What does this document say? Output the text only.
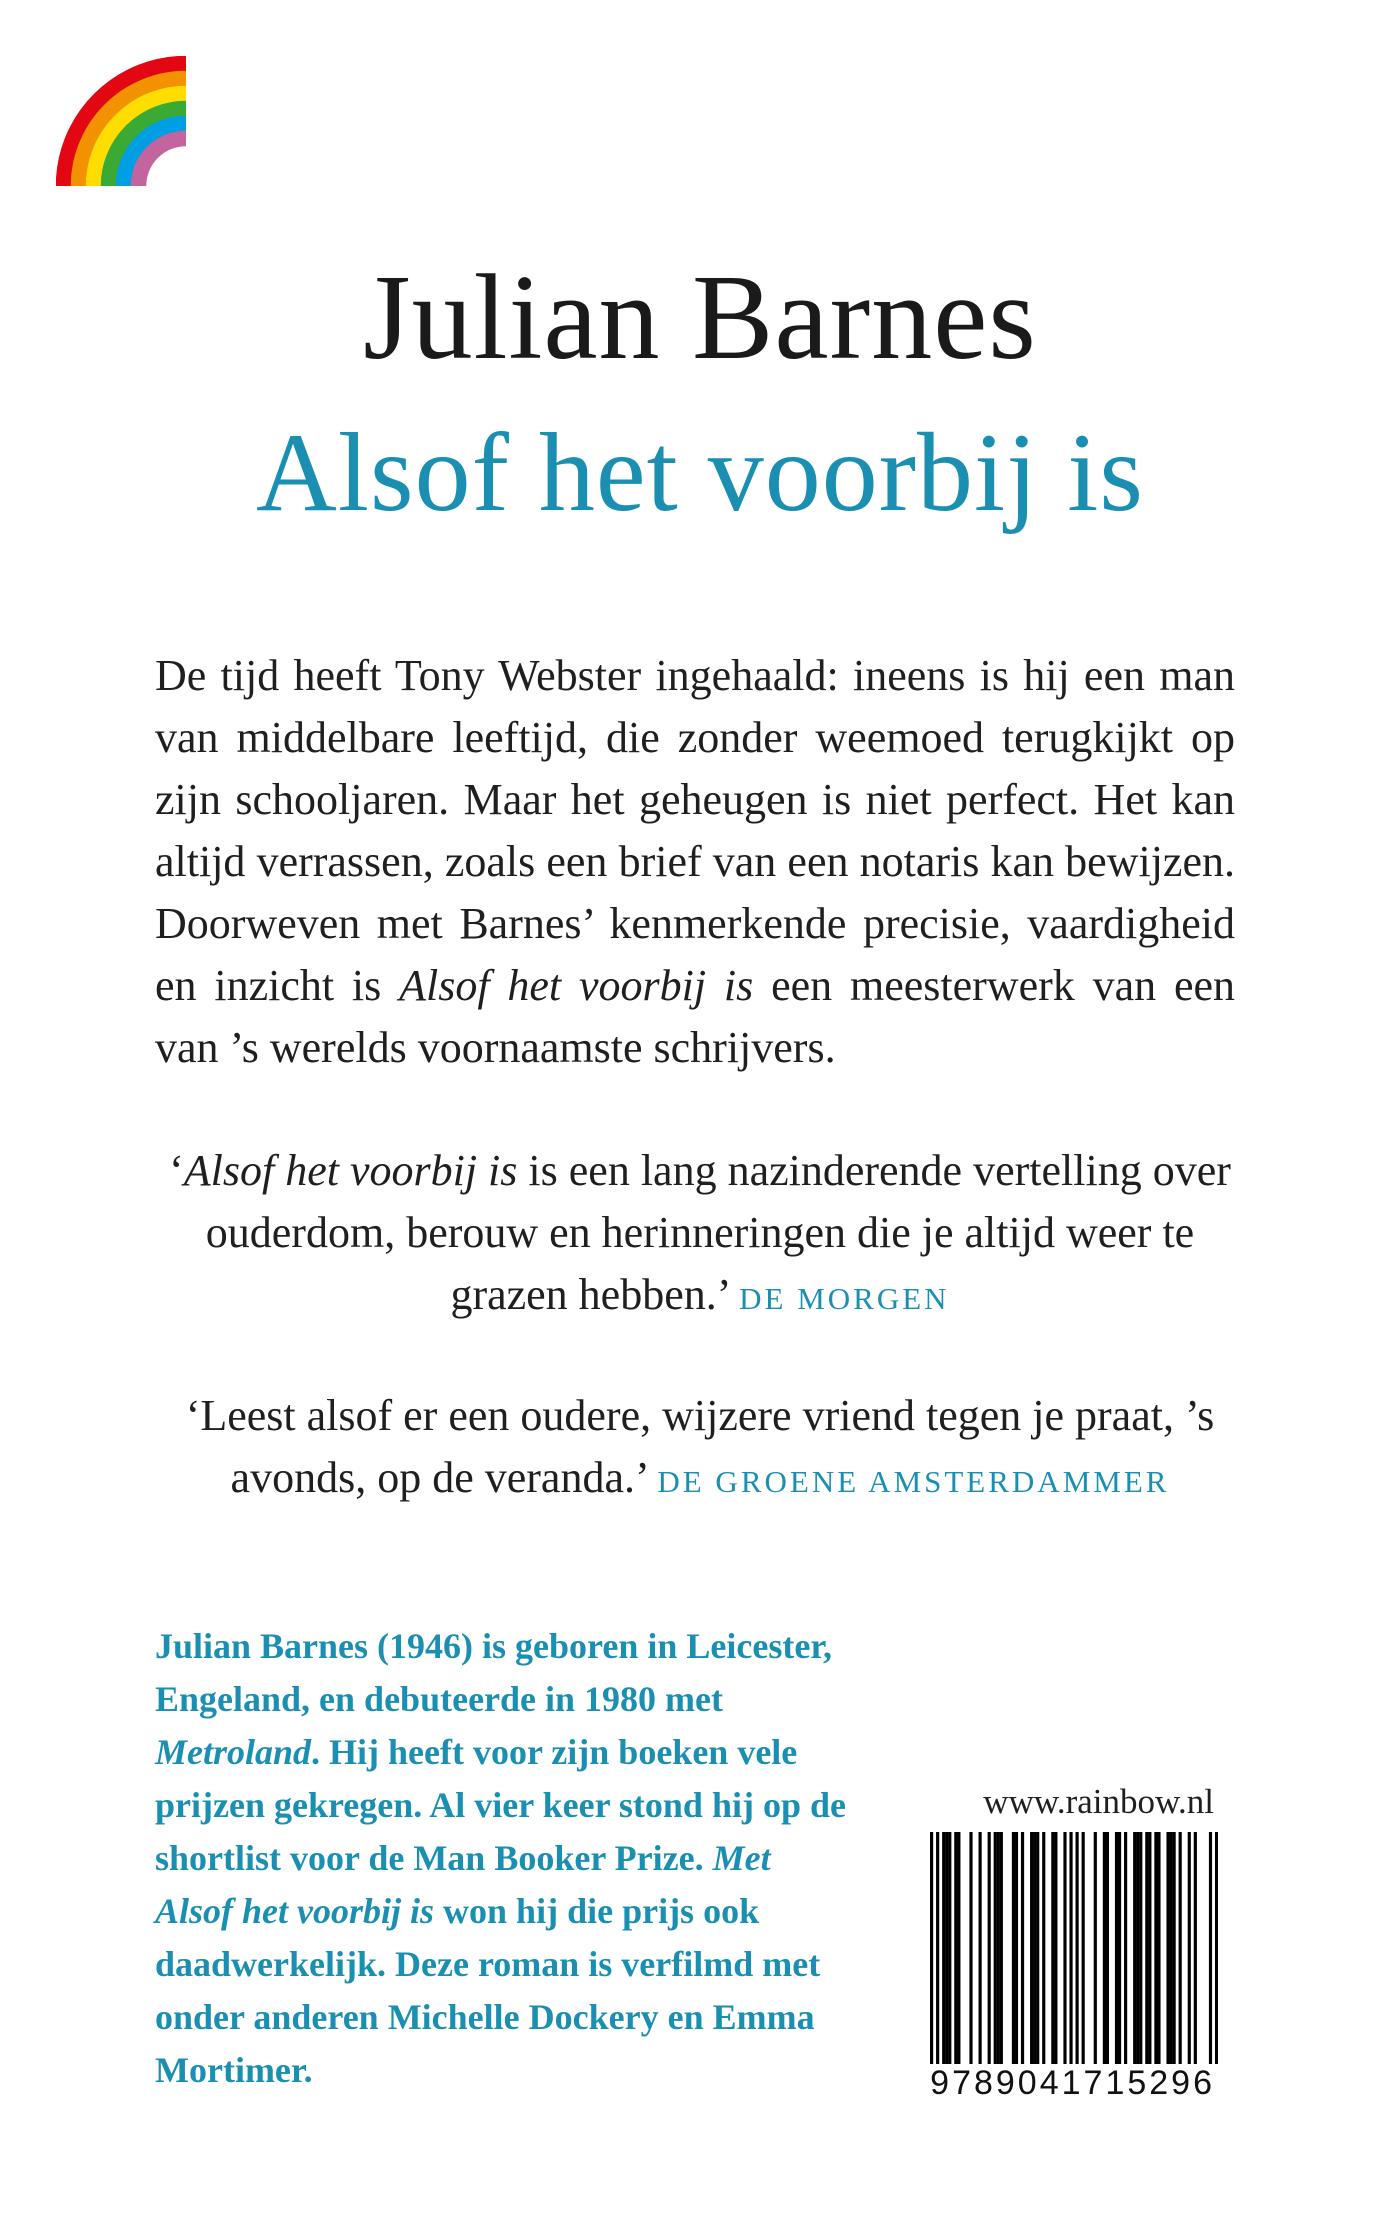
Julian Barnes
Alsof het voorbij is
De tijd heeft Tony Webster ingehaald: ineens is hij een man van middelbare leeftijd, die zonder weemoed terugkijkt op zijn schooljaren. Maar het geheugen is niet perfect. Het kan altijd verrassen, zoals een brief van een notaris kan bewijzen. Doorweven met Barnes’ kenmerkende precisie, vaardigheid en inzicht is Alsof het voorbij is een meesterwerk van een van ’s werelds voornaamste schrijvers.
‘Alsof het voorbij is is een lang nazinderende vertelling over ouderdom, berouw en herinneringen die je altijd weer te grazen hebben.’ DE MORGEN
‘Leest alsof er een oudere, wijzere vriend tegen je praat, ’s avonds, op de veranda.’ DE GROENE AMSTERDAMMER
Julian Barnes (1946) is geboren in Leicester, Engeland, en debuteerde in 1980 met Metroland. Hij heeft voor zijn boeken vele prijzen gekregen. Al vier keer stond hij op de shortlist voor de Man Booker Prize. Met Alsof het voorbij is won hij die prijs ook daadwerkelijk. Deze roman is verfilmd met onder anderen Michelle Dockery en Emma Mortimer.
www.rainbow.nl
9789041715296
